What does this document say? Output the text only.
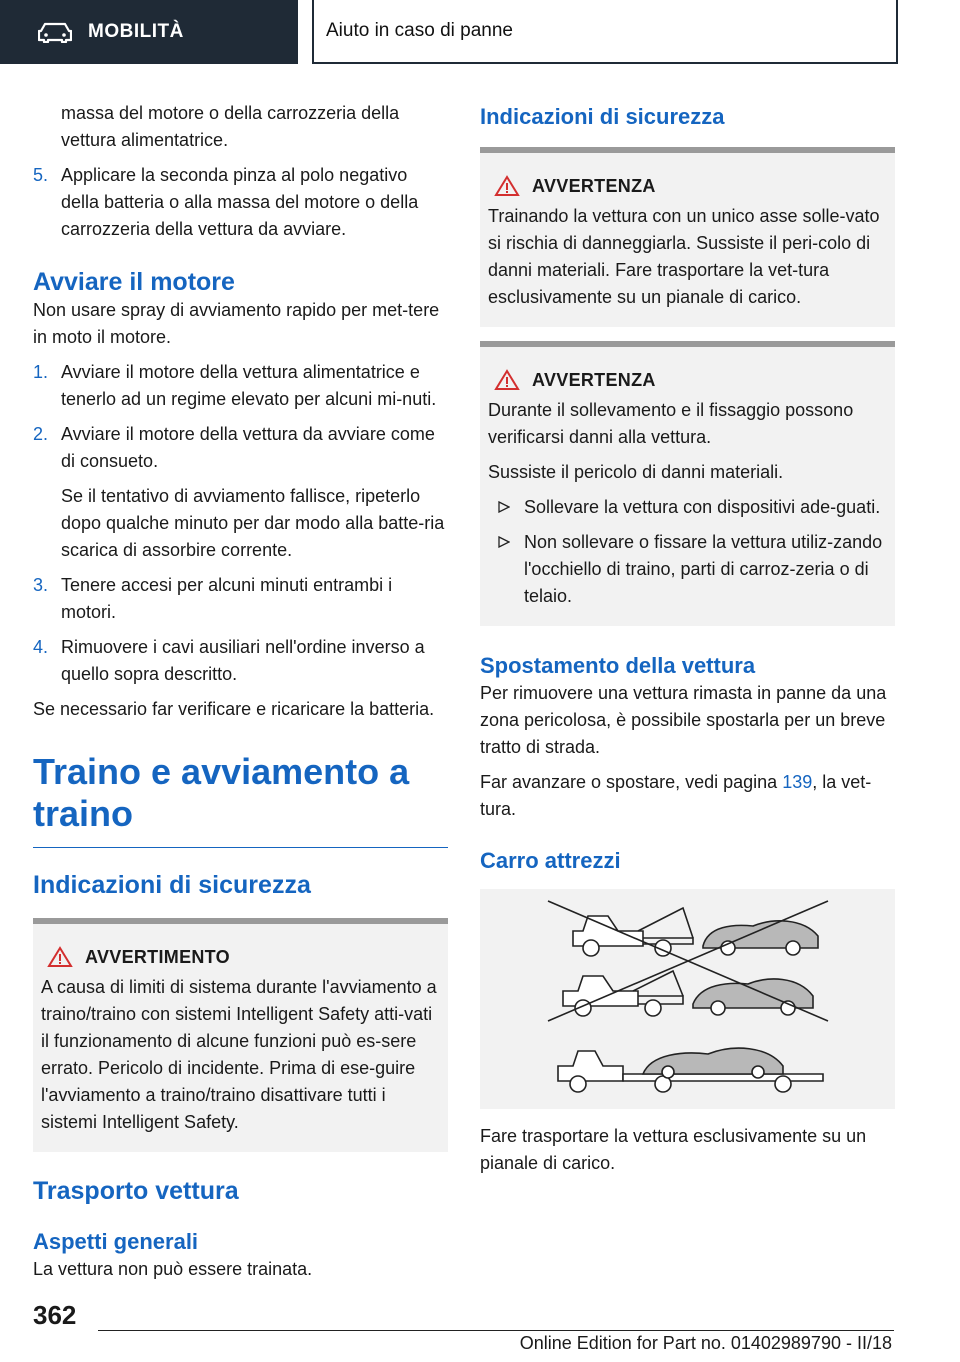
MOBILITÀ	Aiuto in caso di panne

massa del motore o della carrozzeria della vettura alimentatrice.

5. Applicare la seconda pinza al polo negativo della batteria o alla massa del motore o della carrozzeria della vettura da avviare.

Avviare il motore

Non usare spray di avviamento rapido per met-tere in moto il motore.

1. Avviare il motore della vettura alimentatrice e tenerlo ad un regime elevato per alcuni mi-nuti.

2. Avviare il motore della vettura da avviare come di consueto.

Se il tentativo di avviamento fallisce, ripeterlo dopo qualche minuto per dar modo alla batte-ria scarica di assorbire corrente.

3. Tenere accesi per alcuni minuti entrambi i motori.

4. Rimuovere i cavi ausiliari nell'ordine inverso a quello sopra descritto.

Se necessario far verificare e ricaricare la batteria.

Traino e avviamento a traino
Indicazioni di sicurezza
AVVERTIMENTO

A causa di limiti di sistema durante l'avviamento a traino/traino con sistemi Intelligent Safety atti-vati il funzionamento di alcune funzioni può es-sere errato. Pericolo di incidente. Prima di ese-guire l'avviamento a traino/traino disattivare tutti i sistemi Intelligent Safety.

Trasporto vettura
Aspetti generali

La vettura non può essere trainata.

Indicazioni di sicurezza
AVVERTENZA

Trainando la vettura con un unico asse solle-vato si rischia di danneggiarla. Sussiste il peri-colo di danni materiali. Fare trasportare la vet-tura esclusivamente su un pianale di carico.

AVVERTENZA

Durante il sollevamento e il fissaggio possono verificarsi danni alla vettura.

Sussiste il pericolo di danni materiali.

Sollevare la vettura con dispositivi ade-guati.

Non sollevare o fissare la vettura utiliz-zando l'occhiello di traino, parti di carroz-zeria o di telaio.

Spostamento della vettura

Per rimuovere una vettura rimasta in panne da una zona pericolosa, è possibile spostarla per un breve tratto di strada.

Far avanzare o spostare, vedi pagina 139, la vet-tura.

Carro attrezzi

Fare trasportare la vettura esclusivamente su un pianale di carico.

362
Online Edition for Part no. 01402989790 - II/18
